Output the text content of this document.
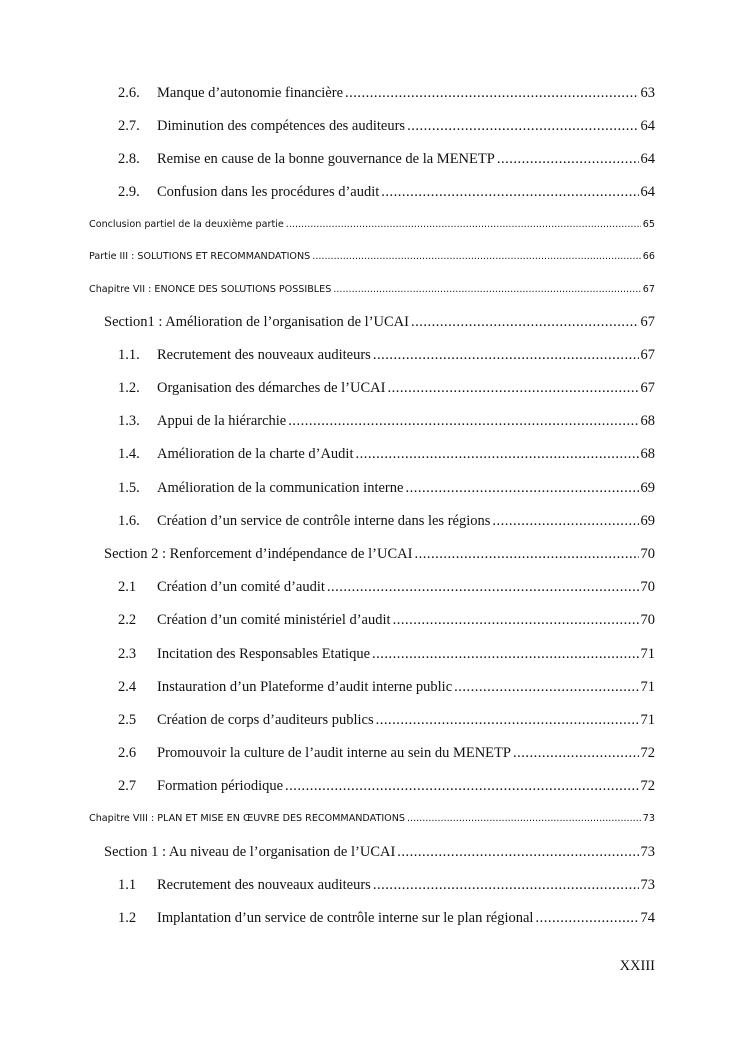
2.6.	Manque d’autonomie financière .....	63
2.7.	Diminution des compétences des auditeurs .....	64
2.8.	Remise en cause de la bonne gouvernance de la MENETP .....	64
2.9.	Confusion dans les procédures d’audit .....	64
Conclusion partiel de la deuxième partie .....	65
Partie III : SOLUTIONS ET RECOMMANDATIONS .....	66
Chapitre VII : ENONCE DES SOLUTIONS POSSIBLES .....	67
Section1 : Amélioration de l’organisation de l’UCAI .....	67
1.1.	Recrutement des nouveaux auditeurs .....	67
1.2.	Organisation des démarches de l’UCAI .....	67
1.3.	Appui de la hiérarchie .....	68
1.4.	Amélioration de la charte d’Audit .....	68
1.5.	Amélioration de la communication interne .....	69
1.6.	Création d’un service de contrôle interne dans les régions .....	69
Section 2 : Renforcement d’indépendance de l’UCAI .....	70
2.1	Création d’un comité d’audit .....	70
2.2	Création d’un comité ministériel d’audit .....	70
2.3	Incitation des Responsables Etatique .....	71
2.4	Instauration d’un Plateforme d’audit interne public .....	71
2.5	Création de corps d’auditeurs publics .....	71
2.6	Promouvoir la culture de l’audit interne au sein du MENETP .....	72
2.7	Formation périodique .....	72
Chapitre VIII : PLAN ET MISE EN ŒUVRE DES RECOMMANDATIONS .....	73
Section 1 : Au niveau de l’organisation de l’UCAI .....	73
1.1	Recrutement des nouveaux auditeurs .....	73
1.2	Implantation d’un service de contrôle interne sur le plan régional .....	74
XXIII
